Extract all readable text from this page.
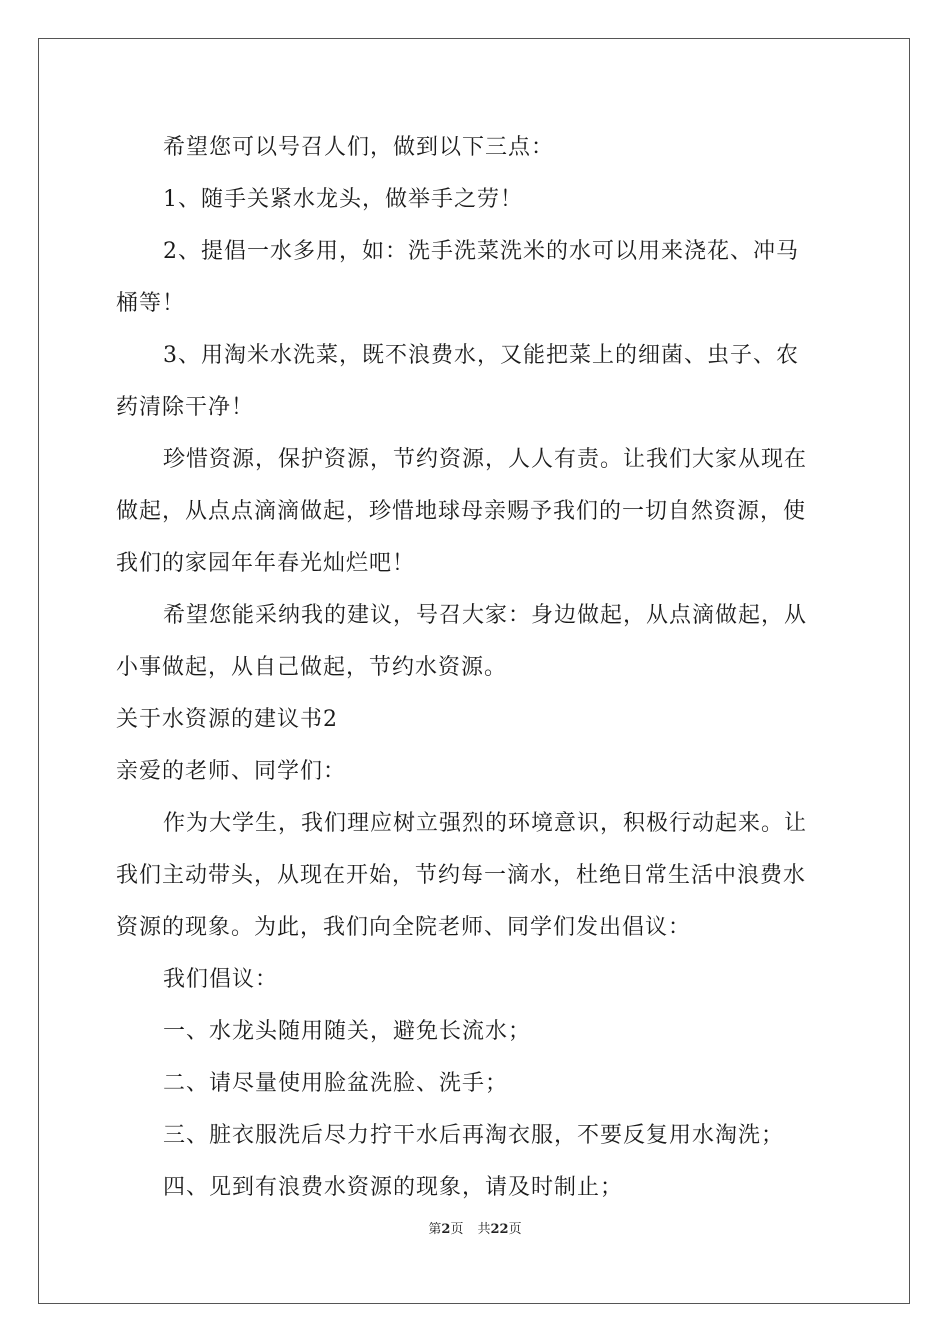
希望您可以号召人们，做到以下三点：
1、随手关紧水龙头，做举手之劳！
2、提倡一水多用，如：洗手洗菜洗米的水可以用来浇花、冲马
桶等！
3、用淘米水洗菜，既不浪费水，又能把菜上的细菌、虫子、农
药清除干净！
珍惜资源，保护资源，节约资源，人人有责。让我们大家从现在
做起，从点点滴滴做起，珍惜地球母亲赐予我们的一切自然资源，使
我们的家园年年春光灿烂吧！
希望您能采纳我的建议，号召大家：身边做起，从点滴做起，从
小事做起，从自己做起，节约水资源。
关于水资源的建议书2
亲爱的老师、同学们：
作为大学生，我们理应树立强烈的环境意识，积极行动起来。让
我们主动带头，从现在开始，节约每一滴水，杜绝日常生活中浪费水
资源的现象。为此，我们向全院老师、同学们发出倡议：
我们倡议：
一、水龙头随用随关，避免长流水；
二、请尽量使用脸盆洗脸、洗手；
三、脏衣服洗后尽力拧干水后再淘衣服，不要反复用水淘洗；
四、见到有浪费水资源的现象，请及时制止；
第2页 共22页
